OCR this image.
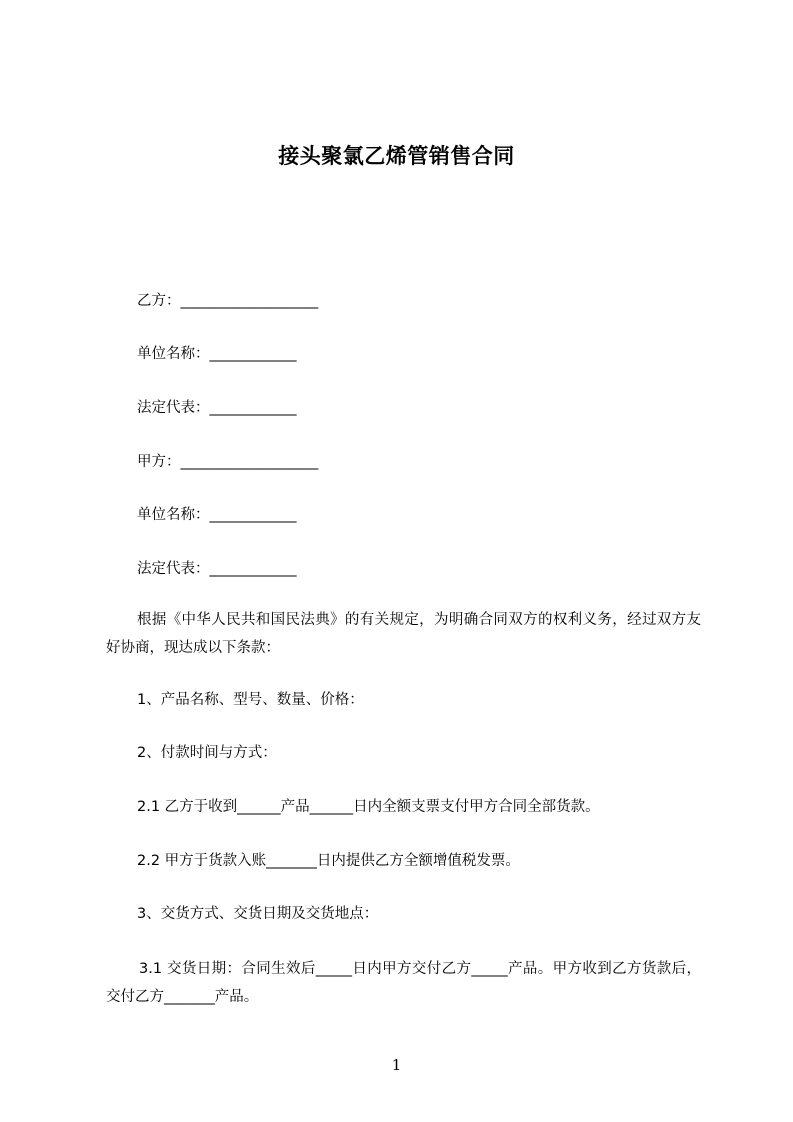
接头聚氯乙烯管销售合同
乙方：___________________
单位名称：____________
法定代表：____________
甲方：___________________
单位名称：____________
法定代表：____________
根据《中华人民共和国民法典》的有关规定，为明确合同双方的权利义务，经过双方友好协商，现达成以下条款：
1、产品名称、型号、数量、价格：
2、付款时间与方式：
2.1 乙方于收到______产品______日内全额支票支付甲方合同全部货款。
2.2 甲方于货款入账_______日内提供乙方全额增值税发票。
3、交货方式、交货日期及交货地点：
3.1 交货日期：合同生效后_____日内甲方交付乙方_____产品。甲方收到乙方货款后，交付乙方_______产品。
1
